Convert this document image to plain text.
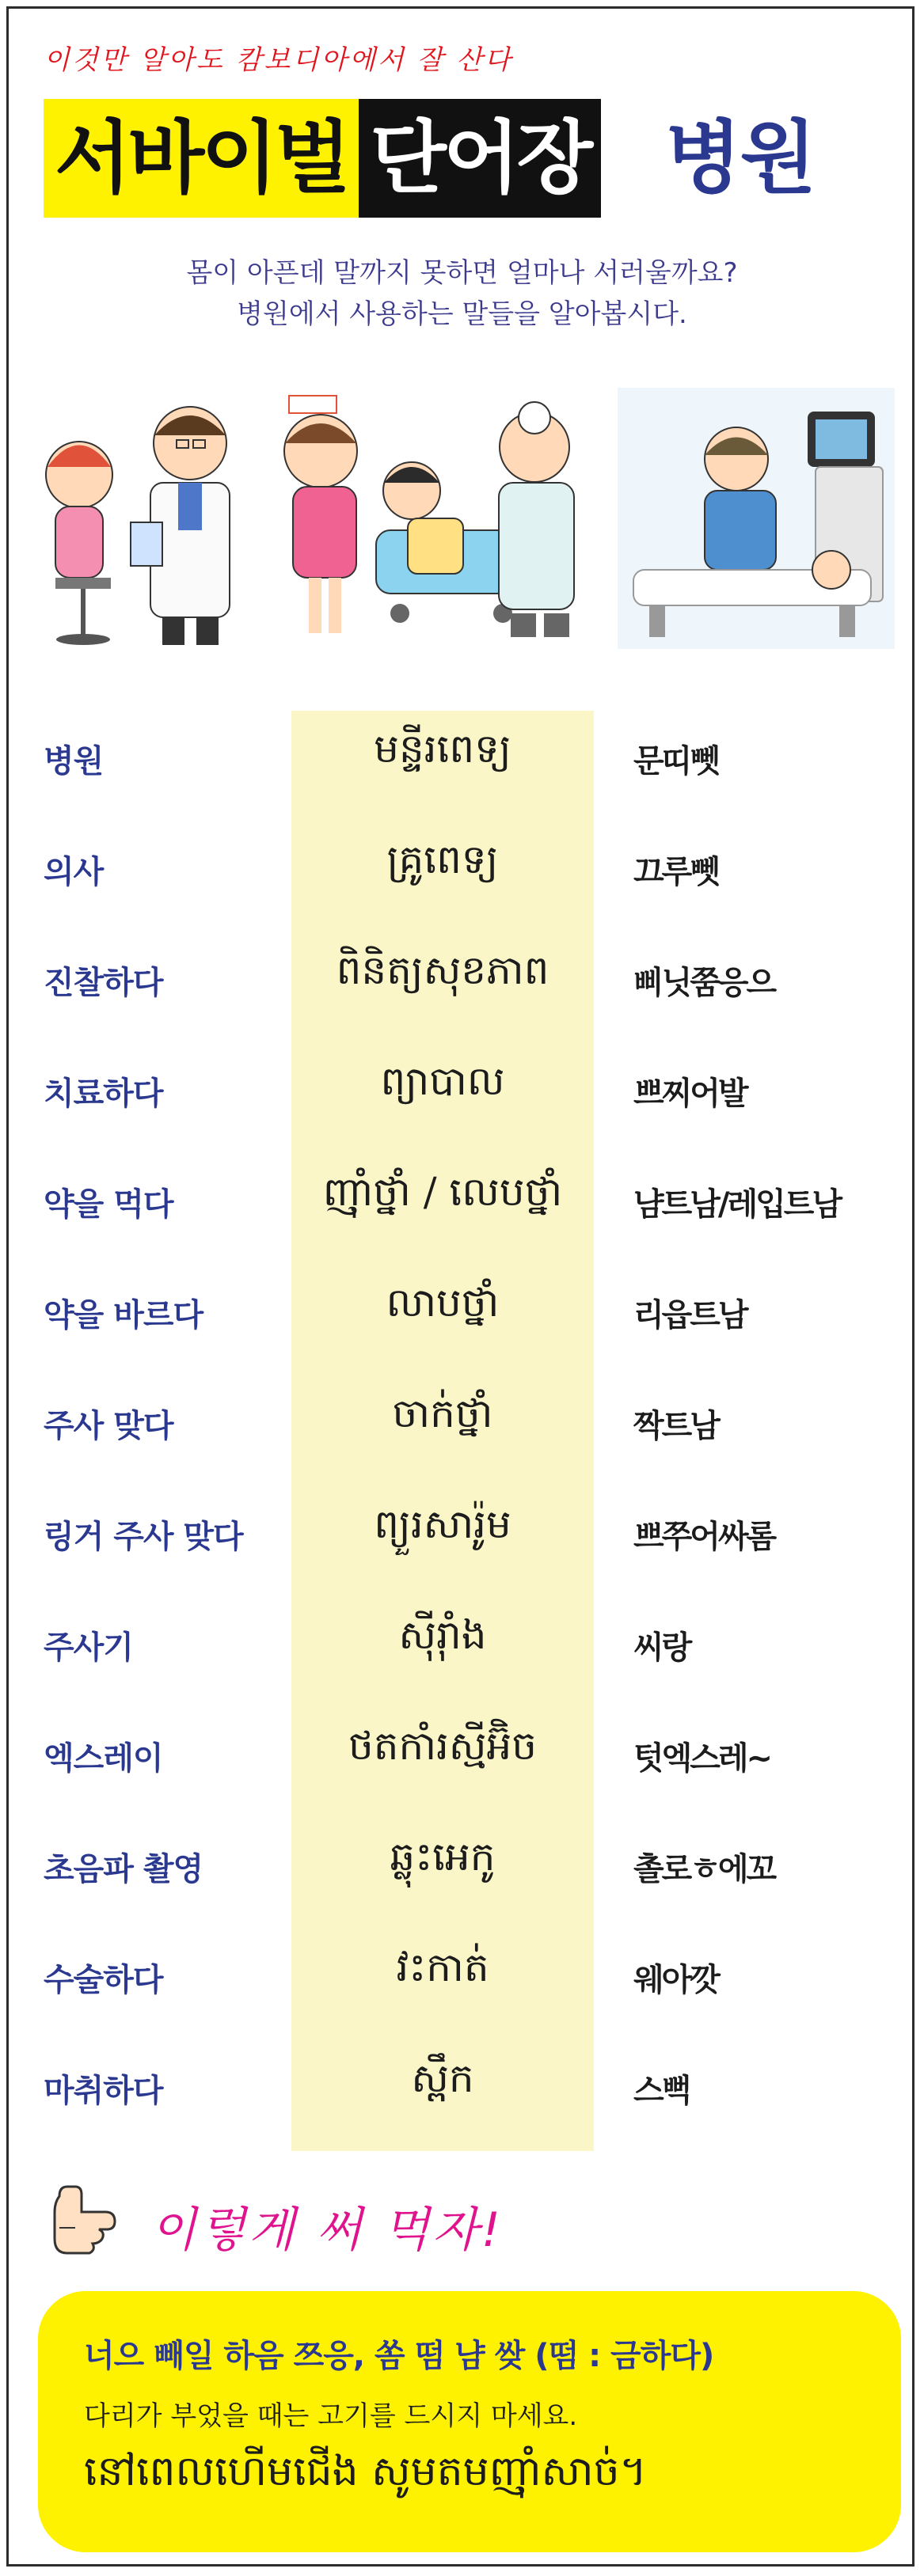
이것만 알아도 캄보디아에서 잘 산다
서바이벌 단어장 병원
몸이 아픈데 말까지 못하면 얼마나 서러울까요?
병원에서 사용하는 말들을 알아봅시다.
병원	មន្ទីរពេទ្យ	문띠뻿
의사	គ្រូពេទ្យ	끄루뻿
진찰하다	ពិនិត្យសុខភាព	삐닛쭘응으
치료하다	ព្យាបាល	쁘찌어발
약을 먹다	ញ៉ាំថ្នាំ / លេបថ្នាំ	냠트남/레입트남
약을 바르다	លាបថ្នាំ	리읍트남
주사 맞다	ចាក់ថ្នាំ	짝트남
링거 주사 맞다	ព្យួរសារ៉ូម	쁘쭈어싸롬
주사기	ស៊ីរ៉ាំង	씨랑
엑스레이	ថតកាំរស្មីអ៊ិច	텃엑스레~
초음파 촬영	ឆ្លុះអេកូ	촐로ㅎ에꼬
수술하다	វះកាត់	웨아깟
마취하다	ស្ពឹក	스뻑
이렇게 써 먹자!
너으 빼일 하음 쯔응, 쏨 떰 냠 쌎 (떰 : 금하다)
다리가 부었을 때는 고기를 드시지 마세요.
នៅពេលហើមជើង សូមតមញ៉ាំសាច់។
